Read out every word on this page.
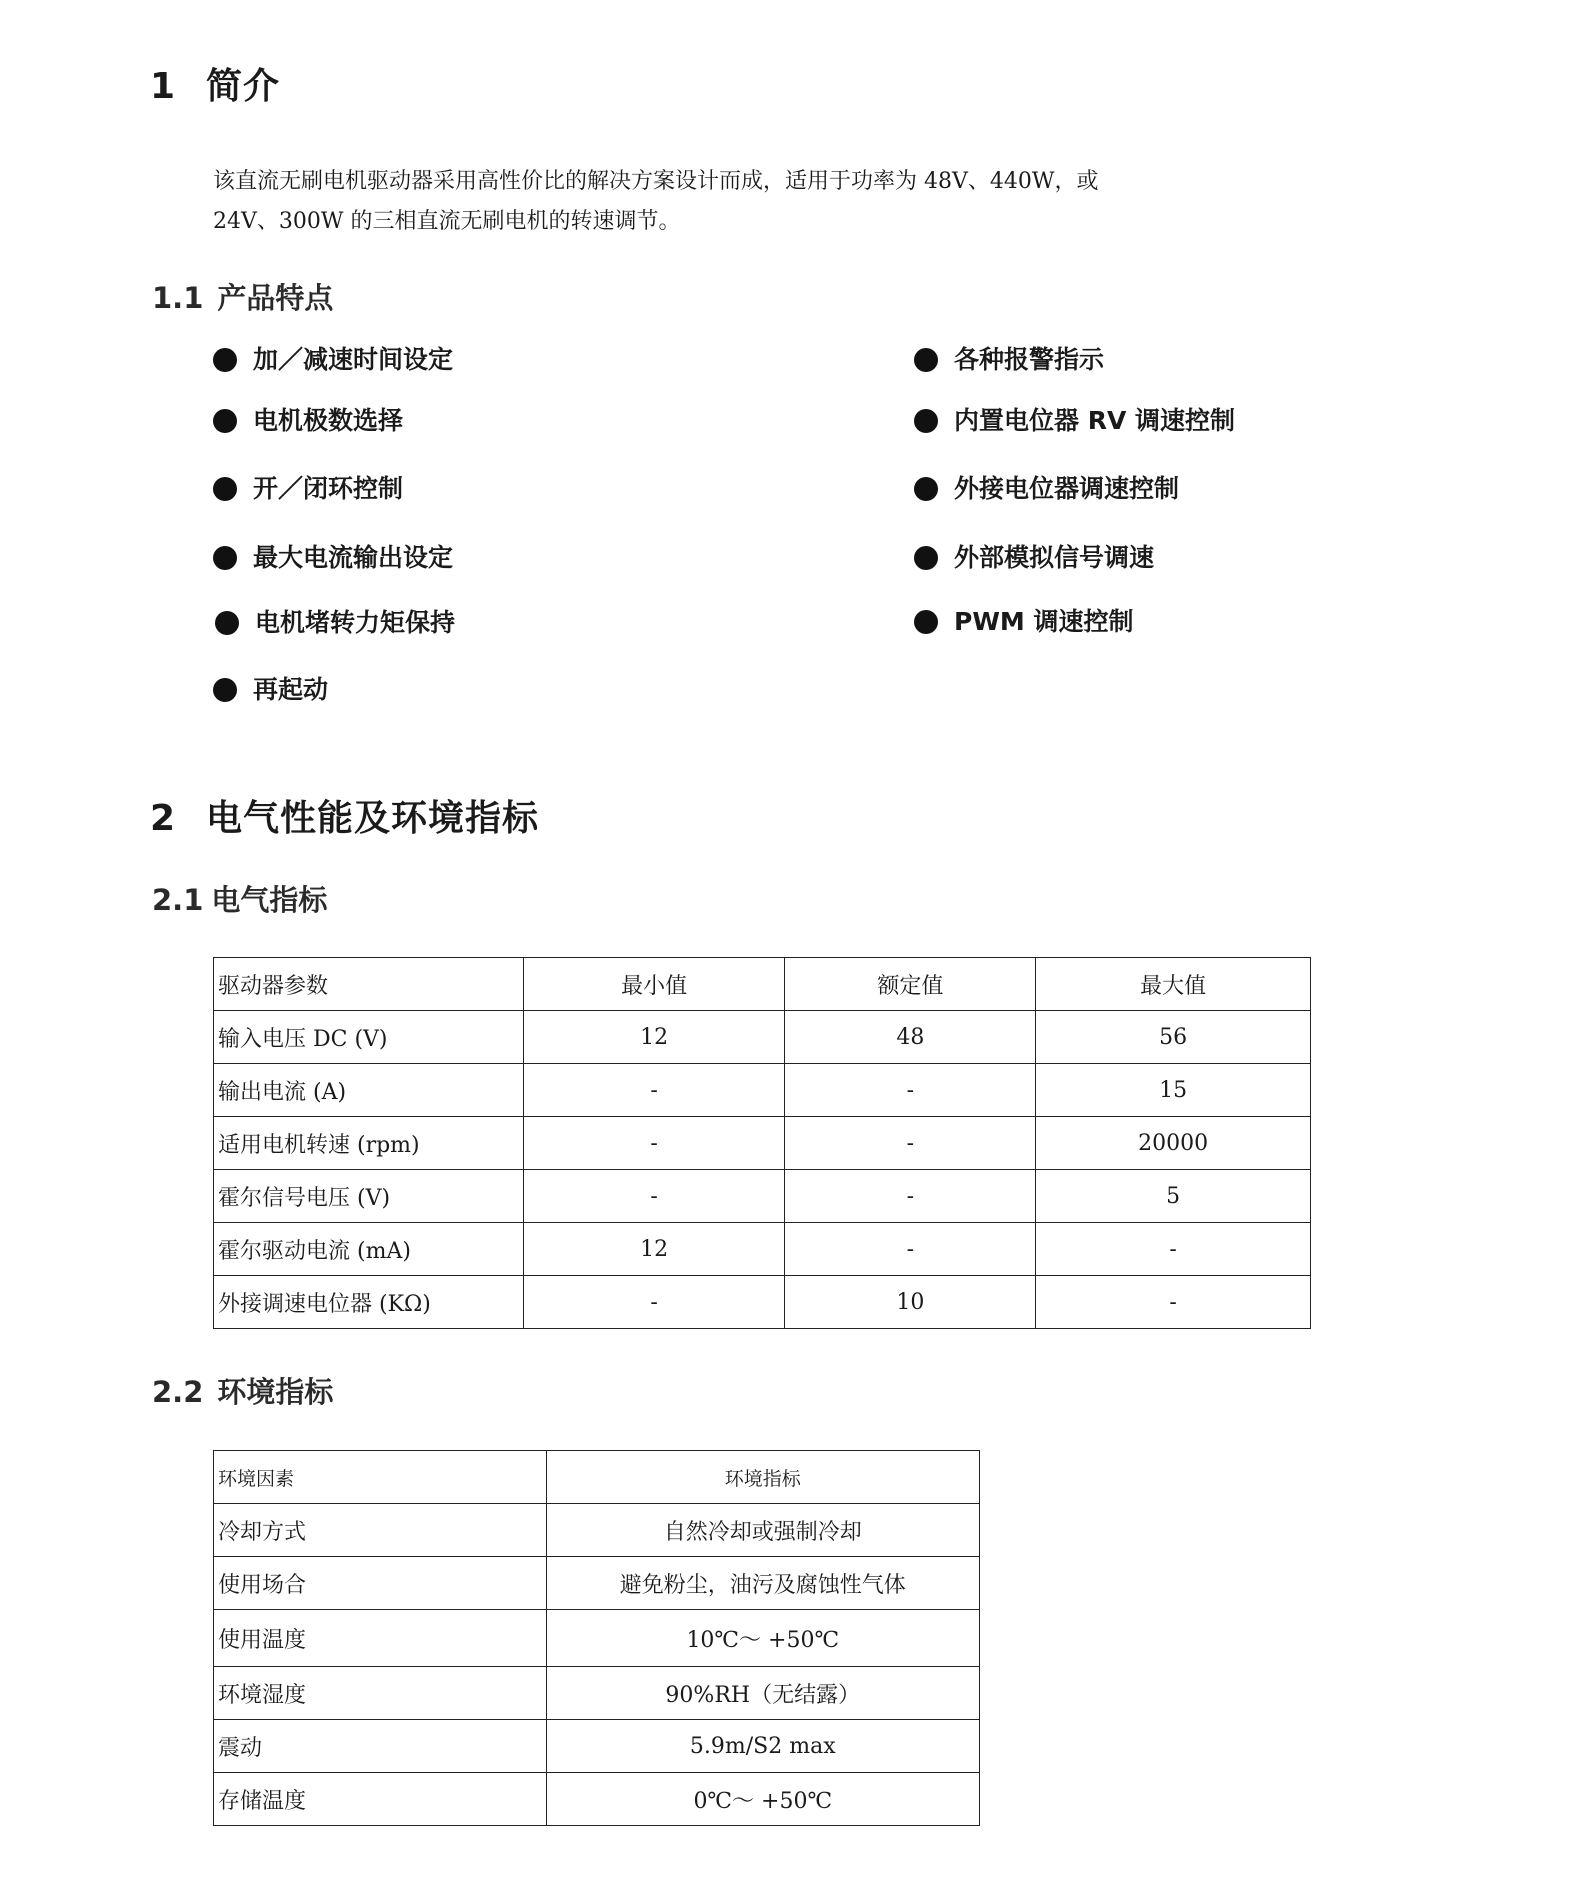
1 简介

该直流无刷电机驱动器采用高性价比的解决方案设计而成，适用于功率为 48V、440W，或

24V、300W 的三相直流无刷电机的转速调节。

1.1 产品特点
加／减速时间设定
电机极数选择
开／闭环控制
最大电流输出设定
电机堵转力矩保持
再起动
各种报警指示
内置电位器 RV 调速控制
外接电位器调速控制
外部模拟信号调速
PWM 调速控制
2 电气性能及环境指标
2.1 电气指标
驱动器参数	最小值	额定值	最大值
输入电压 DC (V)	12	48	56
输出电流 (A)	-	-	15
适用电机转速 (rpm)	-	-	20000
霍尔信号电压 (V)	-	-	5
霍尔驱动电流 (mA)	12	-	-
外接调速电位器 (KΩ)	-	10	-
2.2 环境指标
环境因素	环境指标
冷却方式	自然冷却或强制冷却
使用场合	避免粉尘，油污及腐蚀性气体
使用温度	10℃～ +50℃
环境湿度	90%RH（无结露）
震动	5.9m/S2 max
存储温度	0℃～ +50℃
